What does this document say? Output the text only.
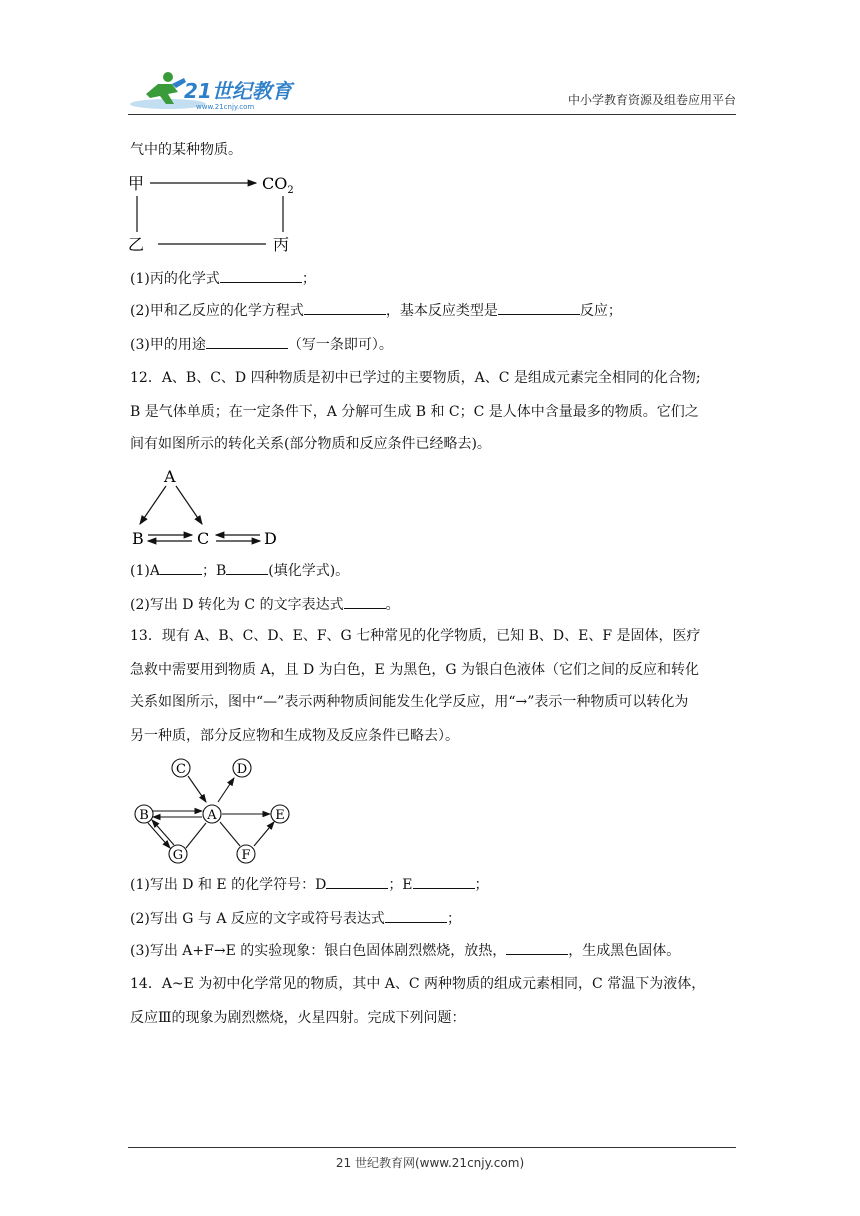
21世纪教育
www.21cnjy.com	中小学教育资源及组卷应用平台
气中的某种物质。
甲	$CO_2$
乙	丙
(1)丙的化学式	；
(2)甲和乙反应的化学方程式	，基本反应类型是	反应；
(3)甲的用途	（写一条即可）。
12．A、B、C、D 四种物质是初中已学过的主要物质，A、C 是组成元素完全相同的化合物;
B 是气体单质；在一定条件下，A 分解可生成 B 和 C；C 是人体中含量最多的物质。它们之
间有如图所示的转化关系(部分物质和反应条件已经略去)。
A
B	C	D
(1)A	；B	(填化学式)。
(2)写出 D 转化为 C 的文字表达式	。
13．现有 A、B、C、D、E、F、G 七种常见的化学物质，已知 B、D、E、F 是固体，医疗
急救中需要用到物质 A，且 D 为白色，E 为黑色，G 为银白色液体（它们之间的反应和转化
关系如图所示，图中“—”表示两种物质间能发生化学反应，用“→”表示一种物质可以转化为
另一种质，部分反应物和生成物及反应条件已略去）。
C	D
B	A	E
G	F
(1)写出 D 和 E 的化学符号：D	；E	；
(2)写出 G 与 A 反应的文字或符号表达式	；
(3)写出 A+F→E 的实验现象：银白色固体剧烈燃烧，放热，	，生成黑色固体。
14．A~E 为初中化学常见的物质，其中 A、C 两种物质的组成元素相同，C 常温下为液体，
反应Ⅲ的现象为剧烈燃烧，火星四射。完成下列问题：
21 世纪教育网(www.21cnjy.com)
